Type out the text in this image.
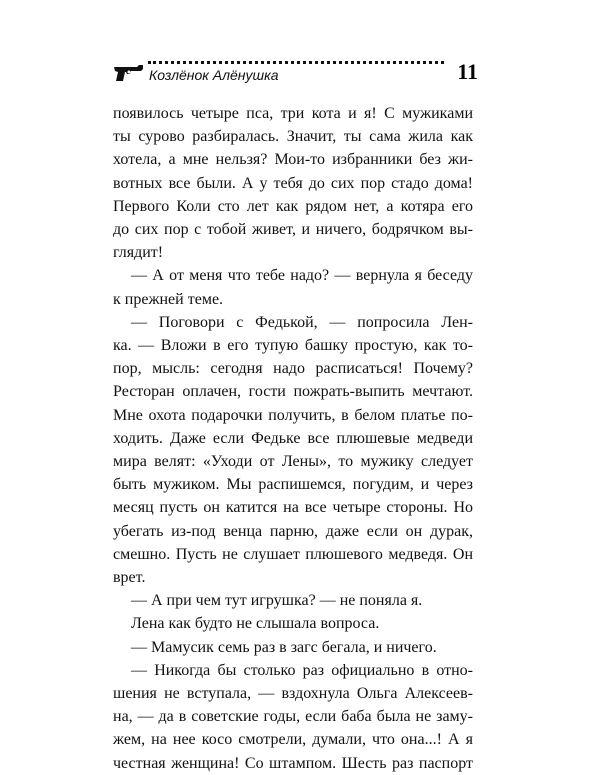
Козлёнок Алёнушка	11

появилось четыре пса, три кота и я! С мужиками

ты сурово разбиралась. Значит, ты сама жила как

хотела, а мне нельзя? Мои-то избранники без жи-

вотных все были. А у тебя до сих пор стадо дома!

Первого Коли сто лет как рядом нет, а котяра его

до сих пор с тобой живет, и ничего, бодрячком вы-

глядит!

— А от меня что тебе надо? — вернула я беседу

к прежней теме.

— Поговори с Федькой, — попросила Лен-

ка. — Вложи в его тупую башку простую, как то-

пор, мысль: сегодня надо расписаться! Почему?

Ресторан оплачен, гости пожрать-выпить мечтают.

Мне охота подарочки получить, в белом платье по-

ходить. Даже если Федьке все плюшевые медведи

мира велят: «Уходи от Лены», то мужику следует

быть мужиком. Мы распишемся, погудим, и через

месяц пусть он катится на все четыре стороны. Но

убегать из-под венца парню, даже если он дурак,

смешно. Пусть не слушает плюшевого медведя. Он

врет.

— А при чем тут игрушка? — не поняла я.

Лена как будто не слышала вопроса.

— Мамусик семь раз в загс бегала, и ничего.

— Никогда бы столько раз официально в отно-

шения не вступала, — вздохнула Ольга Алексеев-

на, — да в советские годы, если баба была не заму-

жем, на нее косо смотрели, думали, что она...! А я

честная женщина! Со штампом. Шесть раз паспорт
